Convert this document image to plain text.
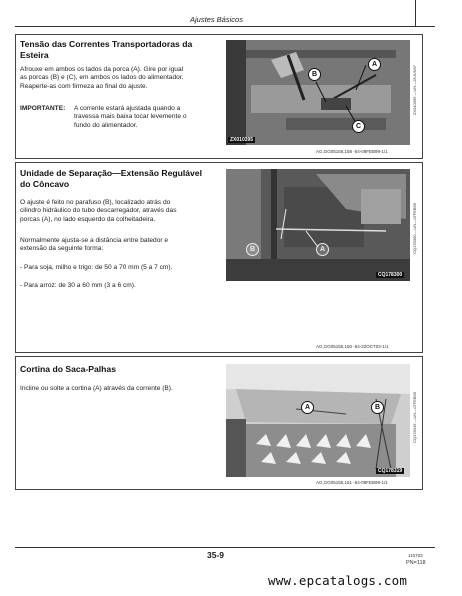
Ajustes Básicos
Tensão das Correntes Transportadoras da
Esteira
Afrouxe em ambos os lados da porca (A). Gire por igual
as porcas (B) e (C), em ambos os lados do alimentador.
Reaperte-as com firmeza ao final do ajuste.
IMPORTANTE: A corrente estará ajustada quando a
travessa mais baixa tocar levemente o
fundo do alimentador.
B
A
C
ZX010395
ZX010395 —UN—25JUN97
AG,GG05155,158 -54-08FEB99-1/1
Unidade de Separação—Extensão Regulável
do Côncavo
O ajuste é feito no parafuso (B), localizado atrás do
cilindro hidráulico do tubo descarregador, através das
porcas (A), no lado esquerdo da colheitadeira.
Normalmente ajusta-se a distância entre batedor e
extensão da seguinte forma:
- Para soja, milho e trigo: de 50 a 70 mm (5 a 7 cm).
- Para arroz: de 30 a 60 mm (3 a 6 cm).
B	A
CQ178300
CQ178300 —UN—07FEB99
AG,GG05155,160 -54-22OCT03-1/1
Cortina do Saca-Palhas
Incline ou solte a cortina (A) através da corrente (B).
A	B
CQ178319
CQ178319 —UN—07FEB99
AG,GG05155,161 -54-08FEB99-1/1
35-9	110703
PN=118
www.epcatalogs.com
